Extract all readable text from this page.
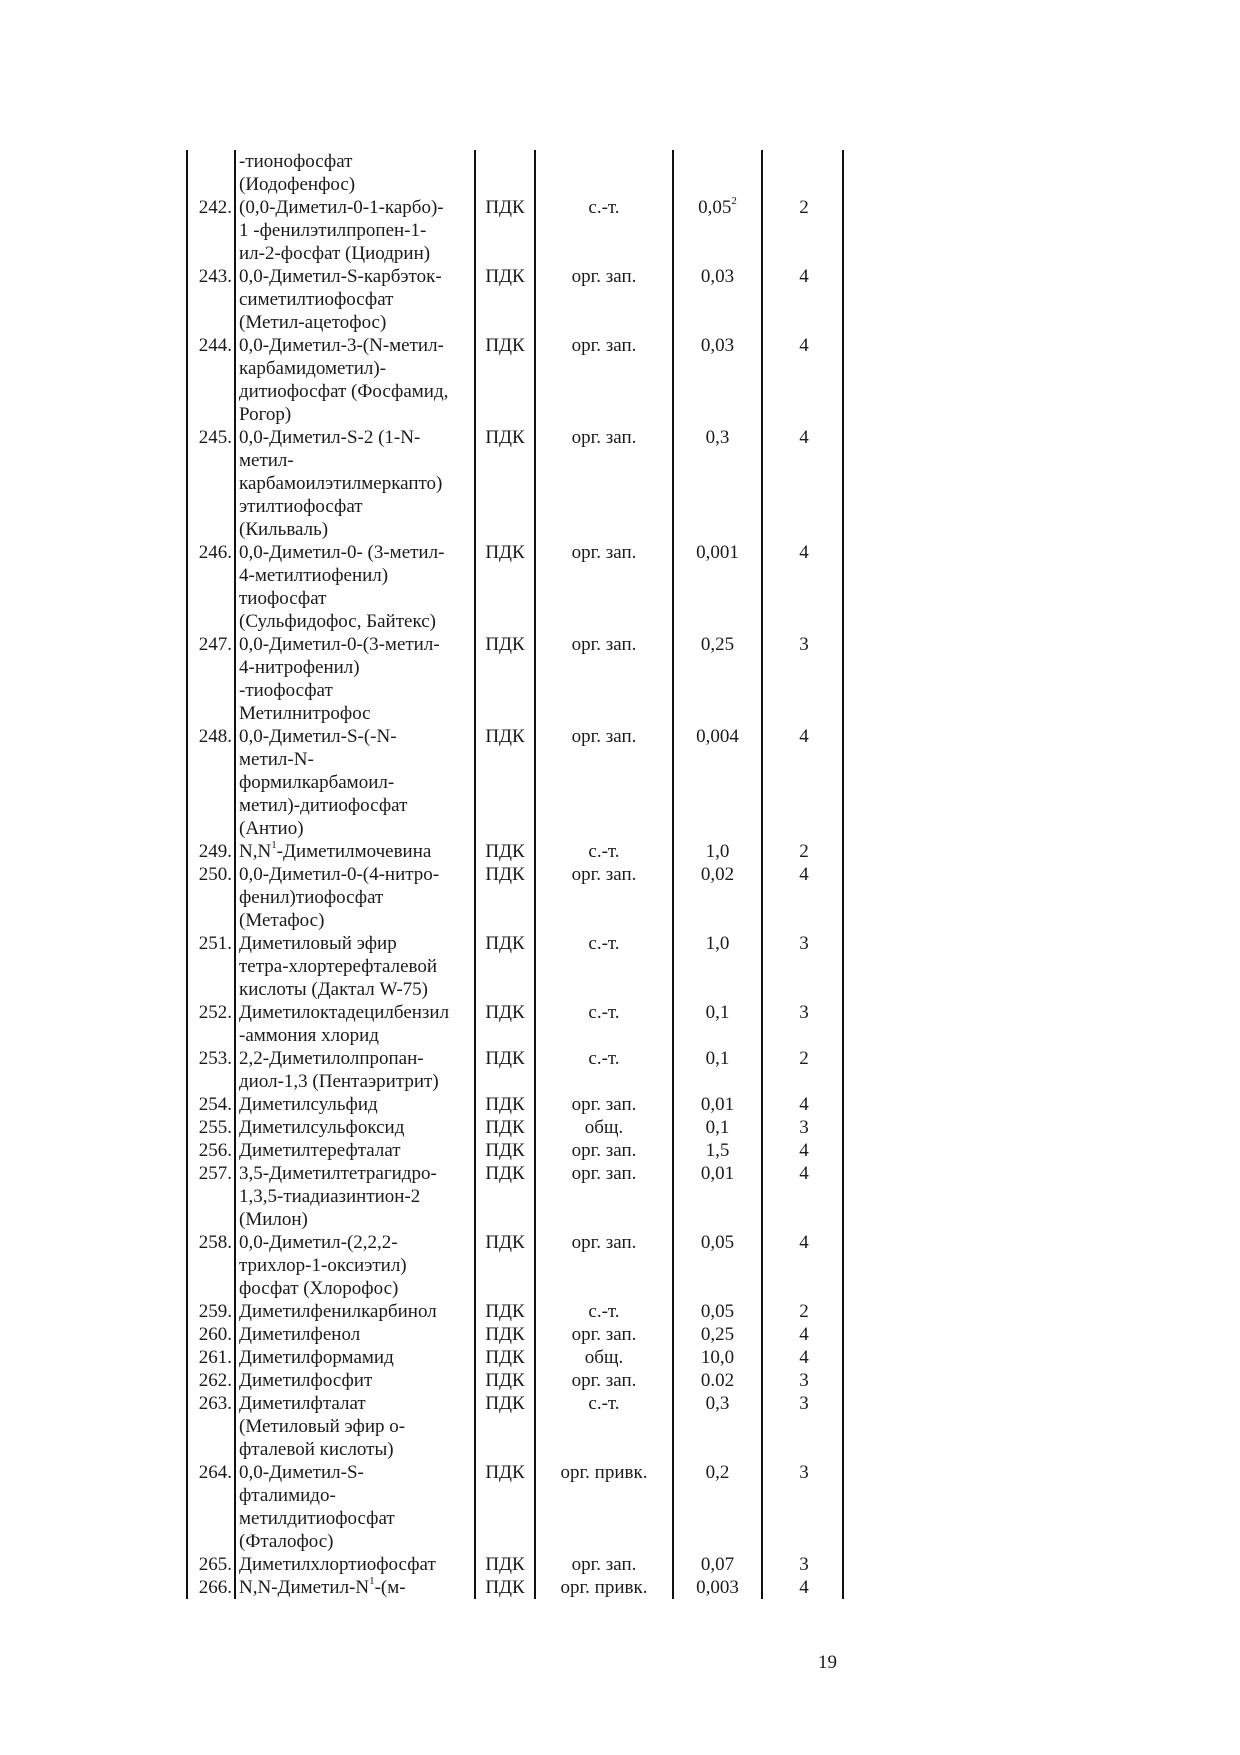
	-тионофосфат
(Иодофенфос)				

242.	(0,0-Диметил-0-1-карбо)-
1 -фенилэтилпропен-1-
ил-2-фосфат (Циодрин)	ПДК	с.-т.	0,05$^2$	2
243.	0,0-Диметил-S-карбэток-
симетилтиофосфат
(Метил-ацетофос)	ПДК	орг. зап.	0,03	4
244.	0,0-Диметил-3-(N-метил-
карбамидометил)-
дитиофосфат (Фосфамид,
Рогор)	ПДК	орг. зап.	0,03	4
245.	0,0-Диметил-S-2 (1-N-
метил-
карбамоилэтилмеркапто)
этилтиофосфат
(Кильваль)	ПДК	орг. зап.	0,3	4
246.	0,0-Диметил-0- (3-метил-
4-метилтиофенил)
тиофосфат
(Сульфидофос, Байтекс)	ПДК	орг. зап.	0,001	4
247.	0,0-Диметил-0-(3-метил-
4-нитрофенил)
-тиофосфат
Метилнитрофос	ПДК	орг. зап.	0,25	3
248.	0,0-Диметил-S-(-N-
метил-N-
формилкарбамоил-
метил)-дитиофосфат
(Антио)	ПДК	орг. зап.	0,004	4
249.	$N,N^1$-Диметилмочевина	ПДК	с.-т.	1,0	2
250.	0,0-Диметил-0-(4-нитро-
фенил)тиофосфат
(Метафос)	ПДК	орг. зап.	0,02	4
251.	Диметиловый эфир
тетра-хлортерефталевой
кислоты (Дактал W-75)	ПДК	с.-т.	1,0	3
252.	Диметилоктадецилбензил
-аммония хлорид	ПДК	с.-т.	0,1	3
253.	2,2-Диметилолпропан-
диол-1,3 (Пентаэритрит)	ПДК	с.-т.	0,1	2
254.	Диметилсульфид	ПДК	орг. зап.	0,01	4
255.	Диметилсульфоксид	ПДК	общ.	0,1	3
256.	Диметилтерефталат	ПДК	орг. зап.	1,5	4
257.	3,5-Диметилтетрагидро-
1,3,5-тиадиазинтион-2
(Милон)	ПДК	орг. зап.	0,01	4
258.	0,0-Диметил-(2,2,2-
трихлор-1-оксиэтил)
фосфат (Хлорофос)	ПДК	орг. зап.	0,05	4
259.	Диметилфенилкарбинол	ПДК	с.-т.	0,05	2
260.	Диметилфенол	ПДК	орг. зап.	0,25	4
261.	Диметилформамид	ПДК	общ.	10,0	4
262.	Диметилфосфит	ПДК	орг. зап.	0.02	3
263.	Диметилфталат
(Метиловый эфир о-
фталевой кислоты)	ПДК	с.-т.	0,3	3
264.	0,0-Диметил-S-
фталимидо-
метилдитиофосфат
(Фталофос)	ПДК	орг. привк.	0,2	3
265.	Диметилхлортиофосфат	ПДК	орг. зап.	0,07	3
266.	$N,N-Диметил-N^1-(м-$	ПДК	орг. привк.	0,003	4
19
